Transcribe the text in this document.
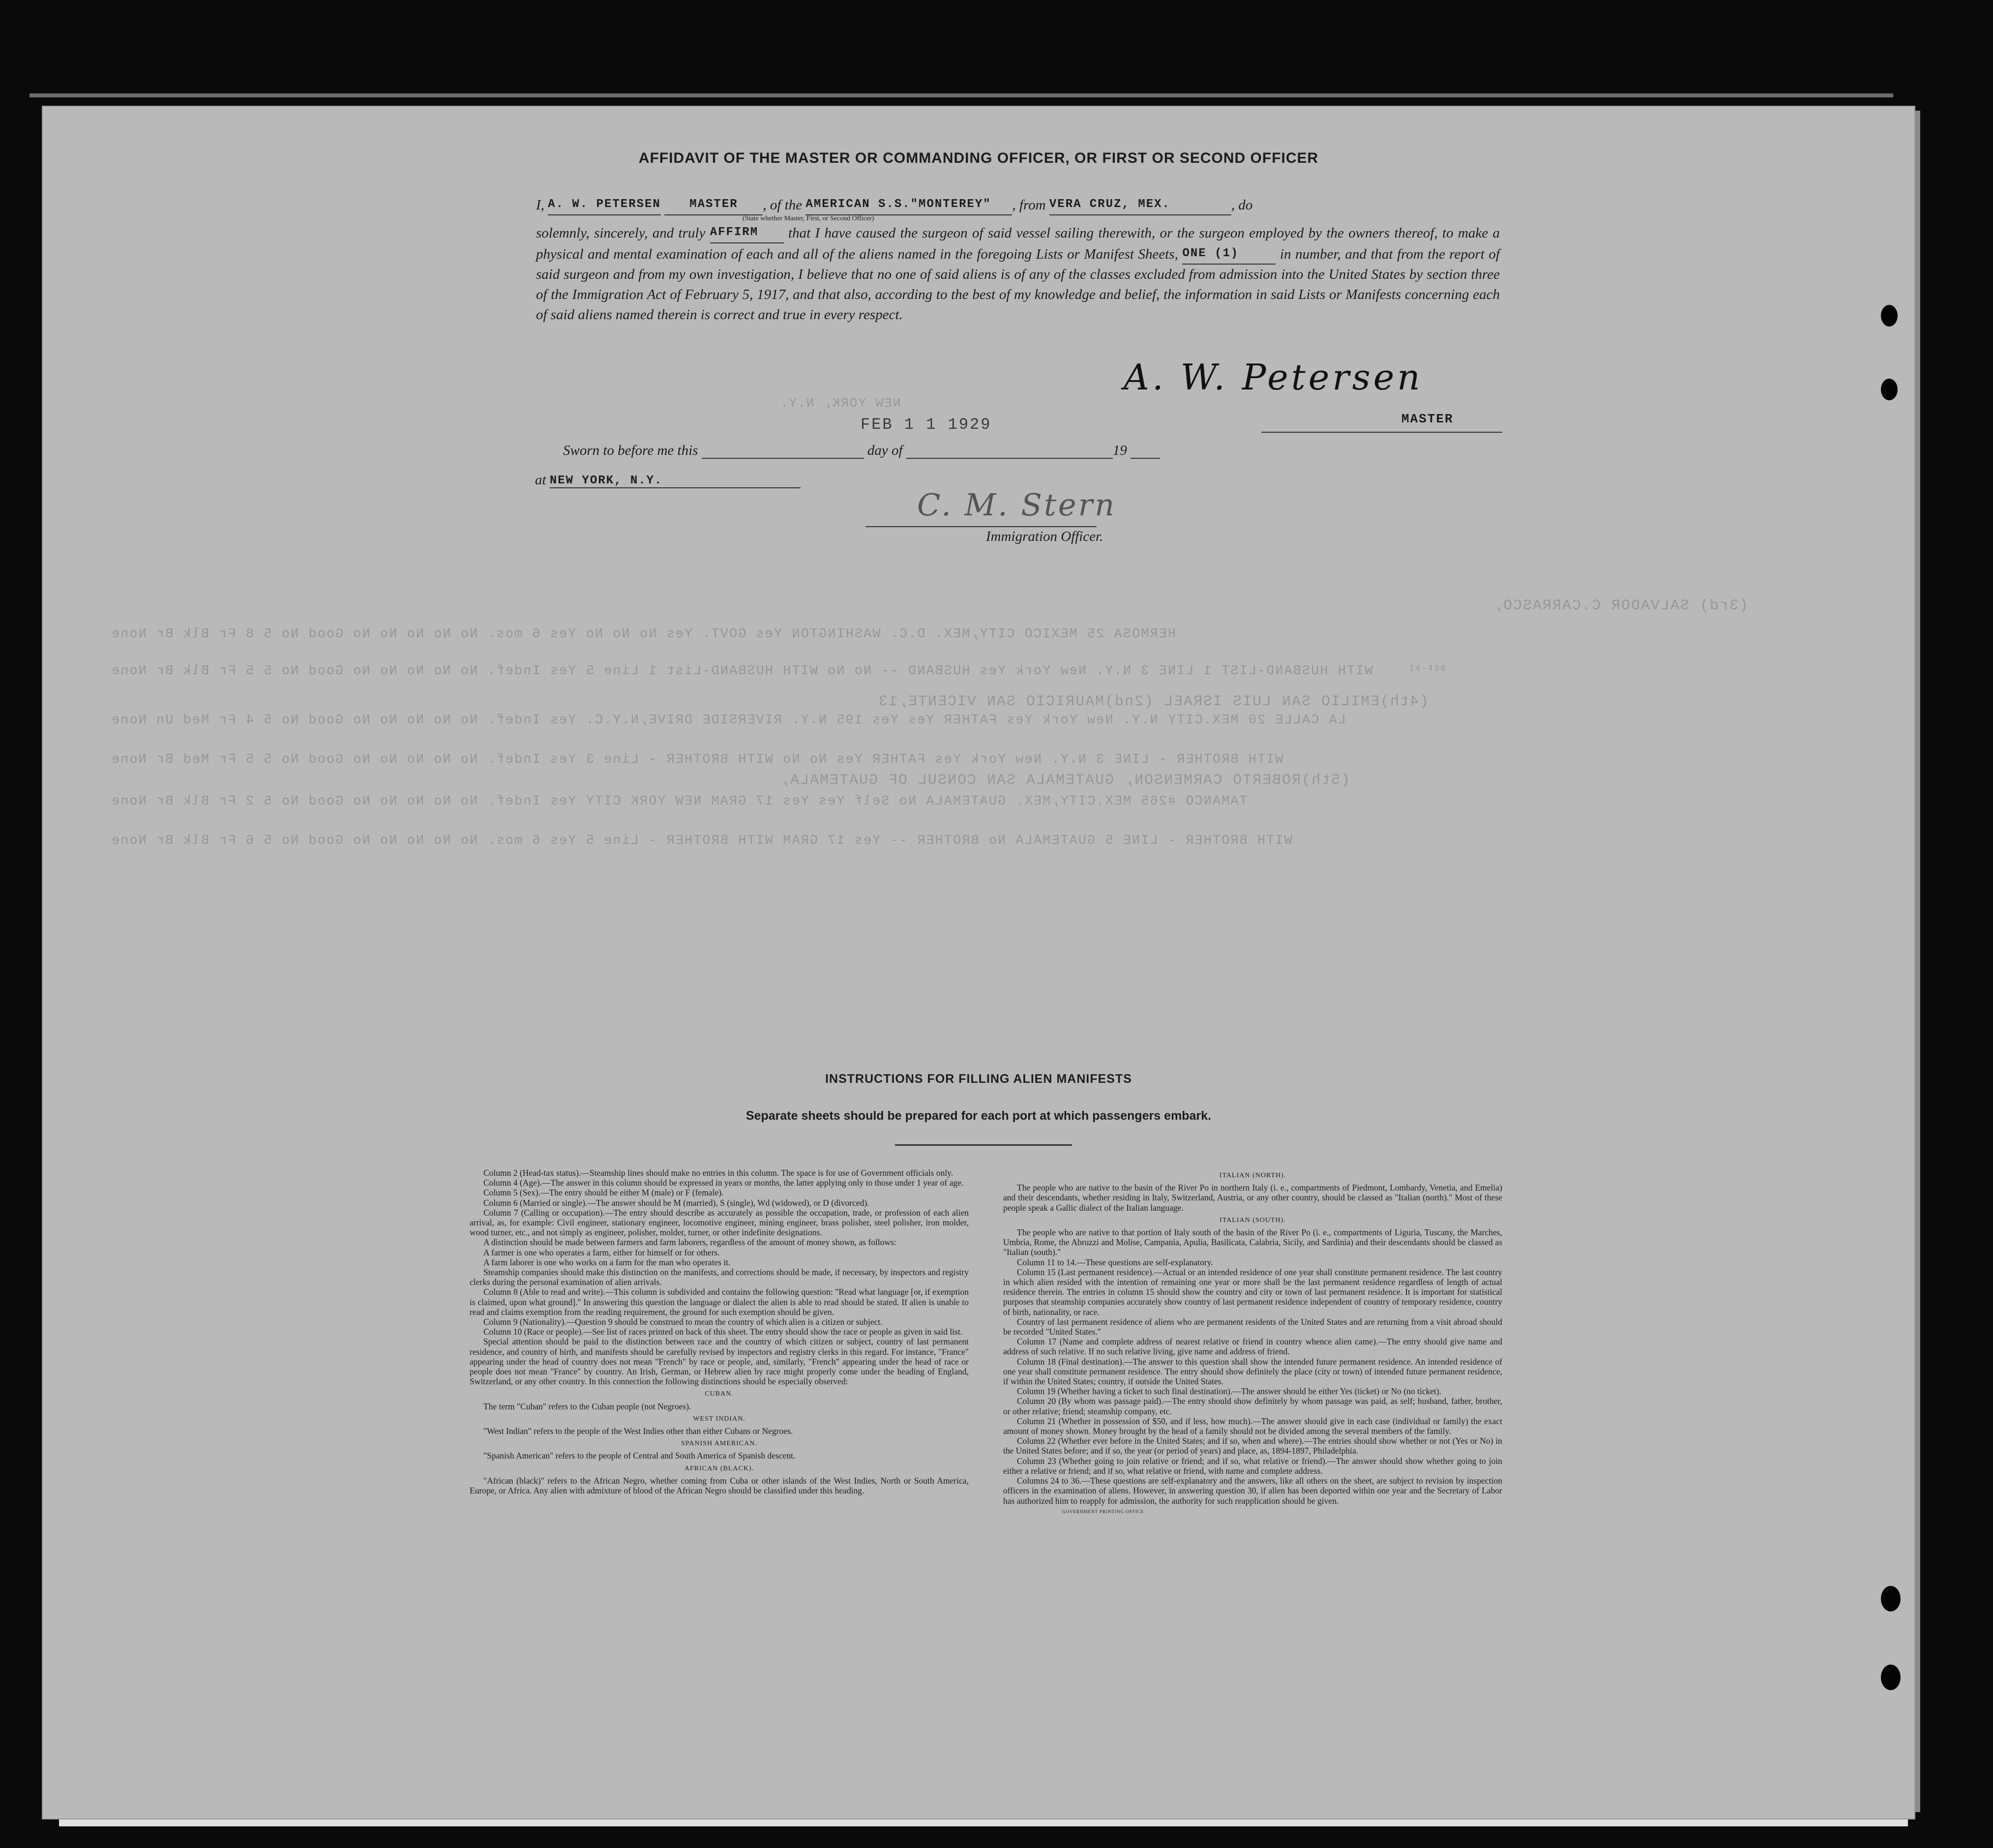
NEW YORK, N.Y.
(3rd) SALVADOR C.CARRASCO,
HERMOSA 25 MEXICO CITY,MEX. D.C. WASHINGTON Yes GOVT. Yes No No No Yes 6 mos. No No No No No Good No 5 8 Fr Blk Br None
WITH HUSBAND-LIST 1 LINE 3 N.Y. New York Yes HUSBAND -- No No WITH HUSBAND-List 1 Line 5 Yes Indef. No No No No No Good No 5 5 Fr Blk Br None	14-430
(4th)EMILIO SAN LUIS ISRAEL (2nd)MAURICIO SAN VICENTE,13
LA CALLE 20 MEX.CITY N.Y. New York Yes FATHER Yes Yes 195 N.Y. RIVERSIDE DRIVE,N.Y.C. Yes Indef. No No No No No Good No 5 4 Fr Med Un None
WITH BROTHER - LINE 3 N.Y. New York Yes FATHER Yes No No WITH BROTHER - Line 3 Yes Indef. No No No No No Good No 5 5 Fr Med Br None
(5th)ROBERTO CARMENSON, GUATEMALA SAN CONSUL OF GUATEMALA,
TAMANCO #265 MEX.CITY,MEX. GUATEMALA No Self Yes Yes 17 GRAM NEW YORK CITY Yes Indef. No No No No No Good No 5 2 Fr Blk Br None
WITH BROTHER - LINE 5 GUATEMALA No BROTHER -- Yes 17 GRAM WITH BROTHER - Line 5 Yes 6 mos. No No No No No Good No 5 6 Fr Blk Br None
AFFIDAVIT OF THE MASTER OR COMMANDING OFFICER, OR FIRST OR SECOND OFFICER
I, A. W. PETERSEN MASTER , of the AMERICAN S.S."MONTEREY" , from VERA CRUZ, MEX.	, do
(State whether Master, First, or Second Officer)
solemnly, sincerely, and truly AFFIRM that I have caused the surgeon of said vessel sailing therewith, or the surgeon employed by the owners thereof, to make a physical and mental examination of each and all of the aliens named in the foregoing Lists or Manifest Sheets, ONE (1)	in number, and that from the report of said surgeon and from my own investigation, I believe that no one of said aliens is of any of the classes excluded from admission into the United States by section three of the Immigration Act of February 5, 1917, and that also, according to the best of my knowledge and belief, the information in said Lists or Manifests concerning each of said aliens named therein is correct and true in every respect.
A. W. Petersen
MASTER
FEB 1 1 1929
Sworn to before me this	day of	19
at NEW YORK, N.Y.
C. M. Stern
Immigration Officer.
INSTRUCTIONS FOR FILLING ALIEN MANIFESTS
Separate sheets should be prepared for each port at which passengers embark.

Column 2 (Head-tax status).—Steamship lines should make no entries in this column. The space is for use of Government officials only.

Column 4 (Age).—The answer in this column should be expressed in years or months, the latter applying only to those under 1 year of age.

Column 5 (Sex).—The entry should be either M (male) or F (female).

Column 6 (Married or single).—The answer should be M (married), S (single), Wd (widowed), or D (divorced).

Column 7 (Calling or occupation).—The entry should describe as accurately as possible the occupation, trade, or profession of each alien arrival, as, for example: Civil engineer, stationary engineer, locomotive engineer, mining engineer, brass polisher, steel polisher, iron molder, wood turner, etc., and not simply as engineer, polisher, molder, turner, or other indefinite designations.

A distinction should be made between farmers and farm laborers, regardless of the amount of money shown, as follows:

A farmer is one who operates a farm, either for himself or for others.

A farm laborer is one who works on a farm for the man who operates it.

Steamship companies should make this distinction on the manifests, and corrections should be made, if necessary, by inspectors and registry clerks during the personal examination of alien arrivals.

Column 8 (Able to read and write).—This column is subdivided and contains the following question: "Read what language [or, if exemption is claimed, upon what ground]." In answering this question the language or dialect the alien is able to read should be stated. If alien is unable to read and claims exemption from the reading requirement, the ground for such exemption should be given.

Column 9 (Nationality).—Question 9 should be construed to mean the country of which alien is a citizen or subject.

Column 10 (Race or people).—See list of races printed on back of this sheet. The entry should show the race or people as given in said list.

Special attention should be paid to the distinction between race and the country of which citizen or subject, country of last permanent residence, and country of birth, and manifests should be carefully revised by inspectors and registry clerks in this regard. For instance, "France" appearing under the head of country does not mean "French" by race or people, and, similarly, "French" appearing under the head of race or people does not mean "France" by country. An Irish, German, or Hebrew alien by race might properly come under the heading of England, Switzerland, or any other country. In this connection the following distinctions should be especially observed:

CUBAN.

The term "Cuban" refers to the Cuban people (not Negroes).

WEST INDIAN.

"West Indian" refers to the people of the West Indies other than either Cubans or Negroes.

SPANISH AMERICAN.

"Spanish American" refers to the people of Central and South America of Spanish descent.

AFRICAN (BLACK).

"African (black)" refers to the African Negro, whether coming from Cuba or other islands of the West Indies, North or South America, Europe, or Africa. Any alien with admixture of blood of the African Negro should be classified under this heading.

ITALIAN (NORTH).

The people who are native to the basin of the River Po in northern Italy (i. e., compartments of Piedmont, Lombardy, Venetia, and Emelia) and their descendants, whether residing in Italy, Switzerland, Austria, or any other country, should be classed as "Italian (north)." Most of these people speak a Gallic dialect of the Italian language.

ITALIAN (SOUTH).

The people who are native to that portion of Italy south of the basin of the River Po (i. e., compartments of Liguria, Tuscany, the Marches, Umbria, Rome, the Abruzzi and Molise, Campania, Apulia, Basilicata, Calabria, Sicily, and Sardinia) and their descendants should be classed as "Italian (south)."

Column 11 to 14.—These questions are self-explanatory.

Column 15 (Last permanent residence).—Actual or an intended residence of one year shall constitute permanent residence. The last country in which alien resided with the intention of remaining one year or more shall be the last permanent residence regardless of length of actual residence therein. The entries in column 15 should show the country and city or town of last permanent residence. It is important for statistical purposes that steamship companies accurately show country of last permanent residence independent of country of temporary residence, country of birth, nationality, or race.

Country of last permanent residence of aliens who are permanent residents of the United States and are returning from a visit abroad should be recorded "United States."

Column 17 (Name and complete address of nearest relative or friend in country whence alien came).—The entry should give name and address of such relative. If no such relative living, give name and address of friend.

Column 18 (Final destination).—The answer to this question shall show the intended future permanent residence. An intended residence of one year shall constitute permanent residence. The entry should show definitely the place (city or town) of intended future permanent residence, if within the United States; country, if outside the United States.

Column 19 (Whether having a ticket to such final destination).—The answer should be either Yes (ticket) or No (no ticket).

Column 20 (By whom was passage paid).—The entry should show definitely by whom passage was paid, as self; husband, father, brother, or other relative; friend; steamship company, etc.

Column 21 (Whether in possession of $50, and if less, how much).—The answer should give in each case (individual or family) the exact amount of money shown. Money brought by the head of a family should not be divided among the several members of the family.

Column 22 (Whether ever before in the United States; and if so, when and where).—The entries should show whether or not (Yes or No) in the United States before; and if so, the year (or period of years) and place, as, 1894-1897, Philadelphia.

Column 23 (Whether going to join relative or friend; and if so, what relative or friend).—The answer should show whether going to join either a relative or friend; and if so, what relative or friend, with name and complete address.

Columns 24 to 36.—These questions are self-explanatory and the answers, like all others on the sheet, are subject to revision by inspection officers in the examination of aliens. However, in answering question 30, if alien has been deported within one year and the Secretary of Labor has authorized him to reapply for admission, the authority for such reapplication should be given.

GOVERNMENT PRINTING OFFICE
